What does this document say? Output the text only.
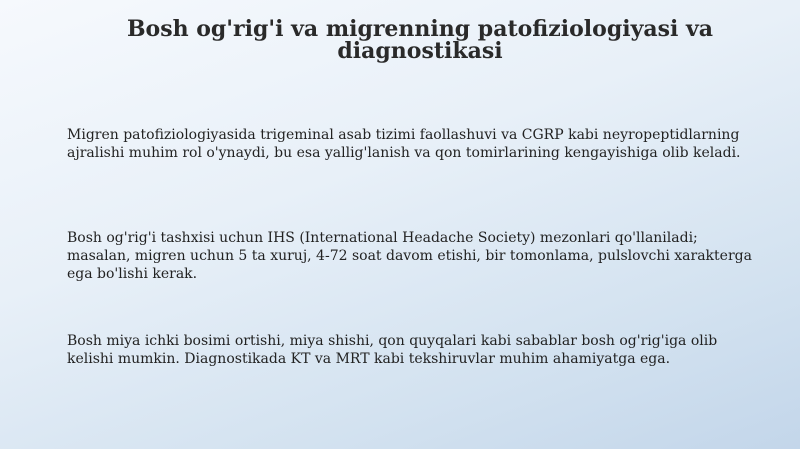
Bosh og'rig'i va migrenning patofiziologiyasi va diagnostikasi

Migren patofiziologiyasida trigeminal asab tizimi faollashuvi va CGRP kabi neyropeptidlarning ajralishi muhim rol o'ynaydi, bu esa yallig'lanish va qon tomirlarining kengayishiga olib keladi.

Bosh og'rig'i tashxisi uchun IHS (International Headache Society) mezonlari qo'llaniladi; masalan, migren uchun 5 ta xuruj, 4-72 soat davom etishi, bir tomonlama, pulslovchi xarakterga ega bo'lishi kerak.

Bosh miya ichki bosimi ortishi, miya shishi, qon quyqalari kabi sabablar bosh og'rig'iga olib kelishi mumkin. Diagnostikada KT va MRT kabi tekshiruvlar muhim ahamiyatga ega.
